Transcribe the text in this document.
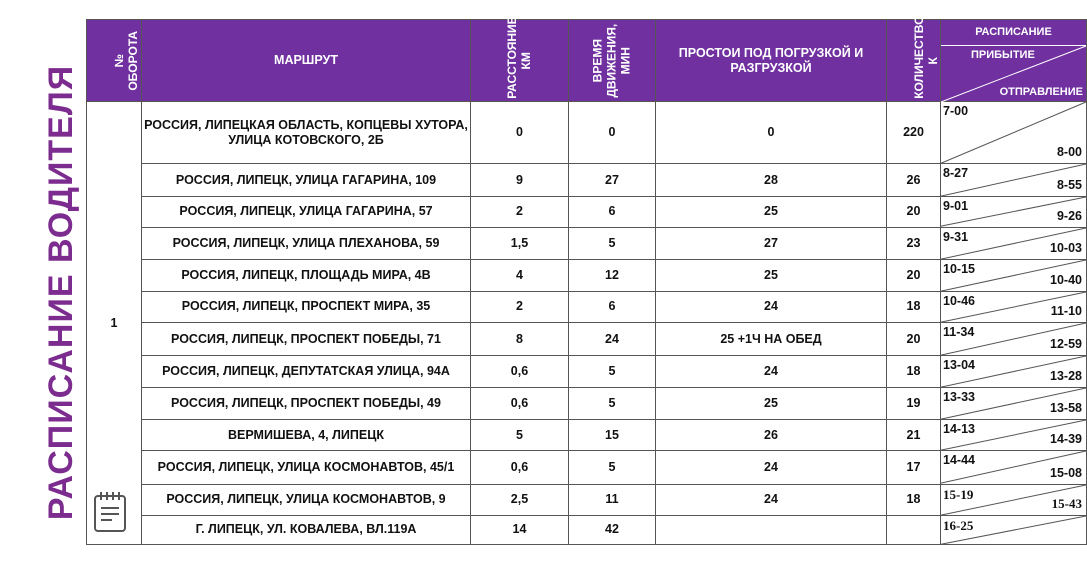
РАСПИСАНИЕ ВОДИТЕЛЯ
№ ОБОРОТА	МАРШРУТ	РАССТОЯНИЕ, КМ	ВРЕМЯ ДВИЖЕНИЯ, МИН	ПРОСТОИ ПОД ПОГРУЗКОЙ И РАЗГРУЗКОЙ	КОЛИЧЕСТВО, К	РАСПИСАНИЕ
ПРИБЫТИЕ
ОТПРАВЛЕНИЕ

1	РОССИЯ, ЛИПЕЦКАЯ ОБЛАСТЬ, КОПЦЕВЫ ХУТОРА, УЛИЦА КОТОВСКОГО, 2Б	0	0	0	220	7-00
8-00

	РОССИЯ, ЛИПЕЦК, УЛИЦА ГАГАРИНА, 109	9	27	28	26	8-27
8-55

	РОССИЯ, ЛИПЕЦК, УЛИЦА ГАГАРИНА, 57	2	6	25	20	9-01
9-26

	РОССИЯ, ЛИПЕЦК, УЛИЦА ПЛЕХАНОВА, 59	1,5	5	27	23	9-31
10-03

	РОССИЯ, ЛИПЕЦК, ПЛОЩАДЬ МИРА, 4В	4	12	25	20	10-15
10-40

	РОССИЯ, ЛИПЕЦК, ПРОСПЕКТ МИРА, 35	2	6	24	18	10-46
11-10

	РОССИЯ, ЛИПЕЦК, ПРОСПЕКТ ПОБЕДЫ, 71	8	24	25 +1Ч НА ОБЕД	20	11-34
12-59

	РОССИЯ, ЛИПЕЦК, ДЕПУТАТСКАЯ УЛИЦА, 94А	0,6	5	24	18	13-04
13-28

	РОССИЯ, ЛИПЕЦК, ПРОСПЕКТ ПОБЕДЫ, 49	0,6	5	25	19	13-33
13-58

	ВЕРМИШЕВА, 4, ЛИПЕЦК	5	15	26	21	14-13
14-39

	РОССИЯ, ЛИПЕЦК, УЛИЦА КОСМОНАВТОВ, 45/1	0,6	5	24	17	14-44
15-08

	РОССИЯ, ЛИПЕЦК, УЛИЦА КОСМОНАВТОВ, 9	2,5	11	24	18	15-19
15-43

	Г. ЛИПЕЦК, УЛ. КОВАЛЕВА, ВЛ.119А	14	42			16-25
